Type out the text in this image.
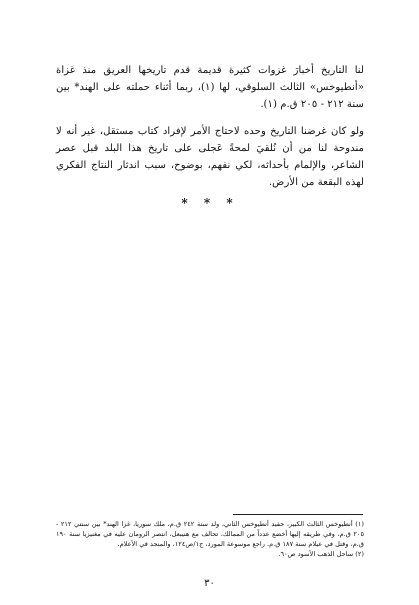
لنا التاريخ أخبارَ غزوات كثيرة قديمة قدم تاريخها العريق منذ غزاة «أنطيوخس» الثالث السلوقي، لها (١)، ربما أثناء حملته على الهند* بين سنة ٢١٢ - ٢٠٥ ق.م (١).

ولو كان غرضنا التاريخ وحده لاحتاج الأمر لإفراد كتاب مستقل، غير أنه لا مندوحة لنا من أن نُلقيَ لمحةً عَجلى على تاريخ هذا البلد قبل عصر الشاعر، والإلمام بأحداثه، لكي نفهم، بوضوح، سبب اندثار النتاج الفكري لهذه البقعة من الأرض.

* * *

(١) أنطيوخس الثالث الكبير، حفيد أنطيوخس الثاني، ولد سنة ٢٤٢ ق.م، ملك سوريا، غزا الهند* بين سنتي ٢١٢ - ٢٠٥ ق.م، وفي طريقه إليها أخضع عدداً من الممالك، تحالف مع هنيبعل، انتصر الرومان عليه في مغنيزيا سنة ١٩٠ ق.م، وقتل في عيلام سنة ١٨٧ ق.م. راجع موسوعة المورد، ج١/ص١٢٤، والمنجد في الأعلام.

(٢) ساحل الذهب الأسود ص٦٠.

٣٠
